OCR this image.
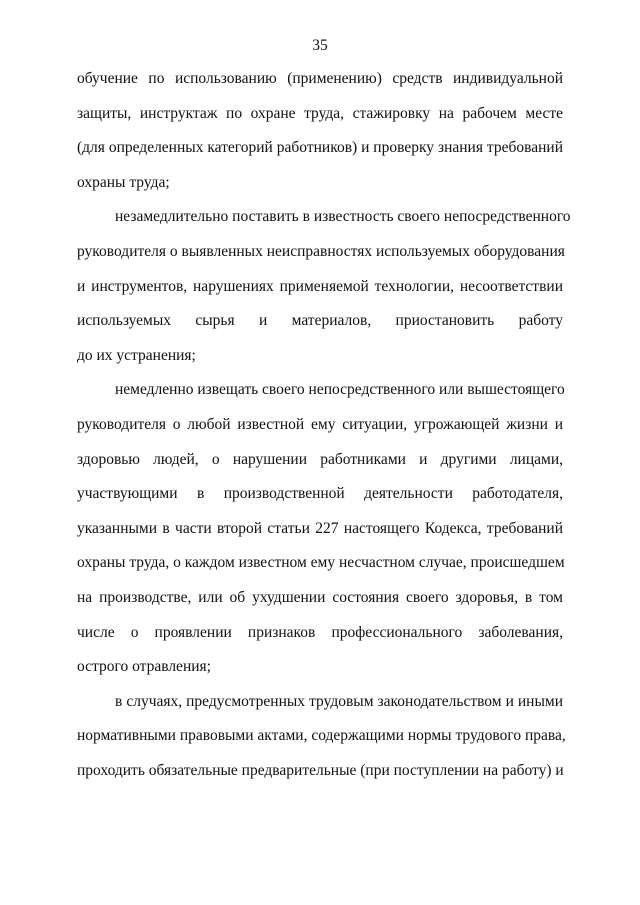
35
обучение по использованию (применению) средств индивидуальной
защиты, инструктаж по охране труда, стажировку на рабочем месте
(для определенных категорий работников) и проверку знания требований
охраны труда;
незамедлительно поставить в известность своего непосредственного
руководителя о выявленных неисправностях используемых оборудования
и инструментов, нарушениях применяемой технологии, несоответствии
используемых сырья и материалов, приостановить работу
до их устранения;
немедленно извещать своего непосредственного или вышестоящего
руководителя о любой известной ему ситуации, угрожающей жизни и
здоровью людей, о нарушении работниками и другими лицами,
участвующими в производственной деятельности работодателя,
указанными в части второй статьи 227 настоящего Кодекса, требований
охраны труда, о каждом известном ему несчастном случае, происшедшем
на производстве, или об ухудшении состояния своего здоровья, в том
числе о проявлении признаков профессионального заболевания,
острого отравления;
в случаях, предусмотренных трудовым законодательством и иными
нормативными правовыми актами, содержащими нормы трудового права,
проходить обязательные предварительные (при поступлении на работу) и
